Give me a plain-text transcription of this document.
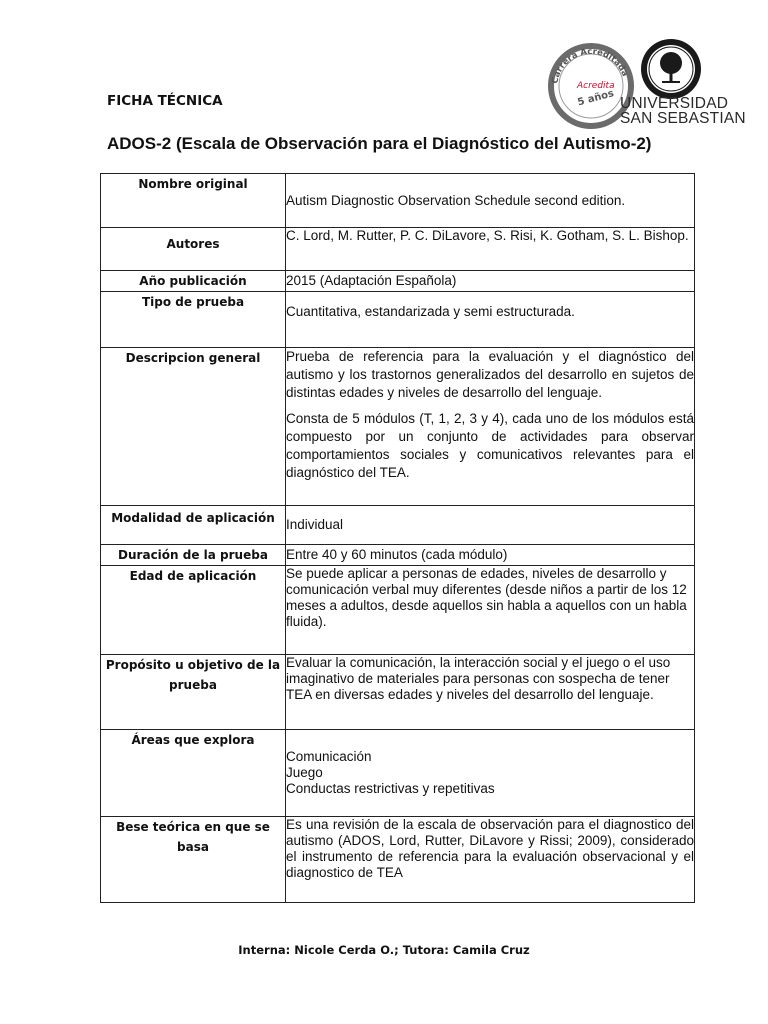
FICHA TÉCNICA
ADOS-2 (Escala de Observación para el Diagnóstico del Autismo-2)
Carrera Acreditada
Acredita
5 años UNIVERSIDAD
SAN SEBASTIAN
Nombre original	Autism Diagnostic Observation Schedule second edition.

Autores	C. Lord, M. Rutter, P. C. DiLavore, S. Risi, K. Gotham, S. L. Bishop.

Año publicación	2015 (Adaptación Española)

Tipo de prueba	Cuantitativa, estandarizada y semi estructurada.

Descripcion general	Prueba de referencia para la evaluación y el diagnóstico del autismo y los trastornos generalizados del desarrollo en sujetos de distintas edades y niveles de desarrollo del lenguaje.

Consta de 5 módulos (T, 1, 2, 3 y 4), cada uno de los módulos está compuesto por un conjunto de actividades para observar comportamientos sociales y comunicativos relevantes para el diagnóstico del TEA.

Modalidad de aplicación	Individual

Duración de la prueba	Entre 40 y 60 minutos (cada módulo)

Edad de aplicación	Se puede aplicar a personas de edades, niveles de desarrollo y comunicación verbal muy diferentes (desde niños a partir de los 12 meses a adultos, desde aquellos sin habla a aquellos con un habla fluida).

Propósito u objetivo de la prueba	Evaluar la comunicación, la interacción social y el juego o el uso imaginativo de materiales para personas con sospecha de tener TEA en diversas edades y niveles del desarrollo del lenguaje.

Áreas que explora	Comunicación
Juego
Conductas restrictivas y repetitivas

Bese teórica en que se basa	Es una revisión de la escala de observación para el diagnostico del autismo (ADOS, Lord, Rutter, DiLavore y Rissi; 2009), considerado el instrumento de referencia para la evaluación observacional y el diagnostico de TEA

Interna: Nicole Cerda O.; Tutora: Camila Cruz
